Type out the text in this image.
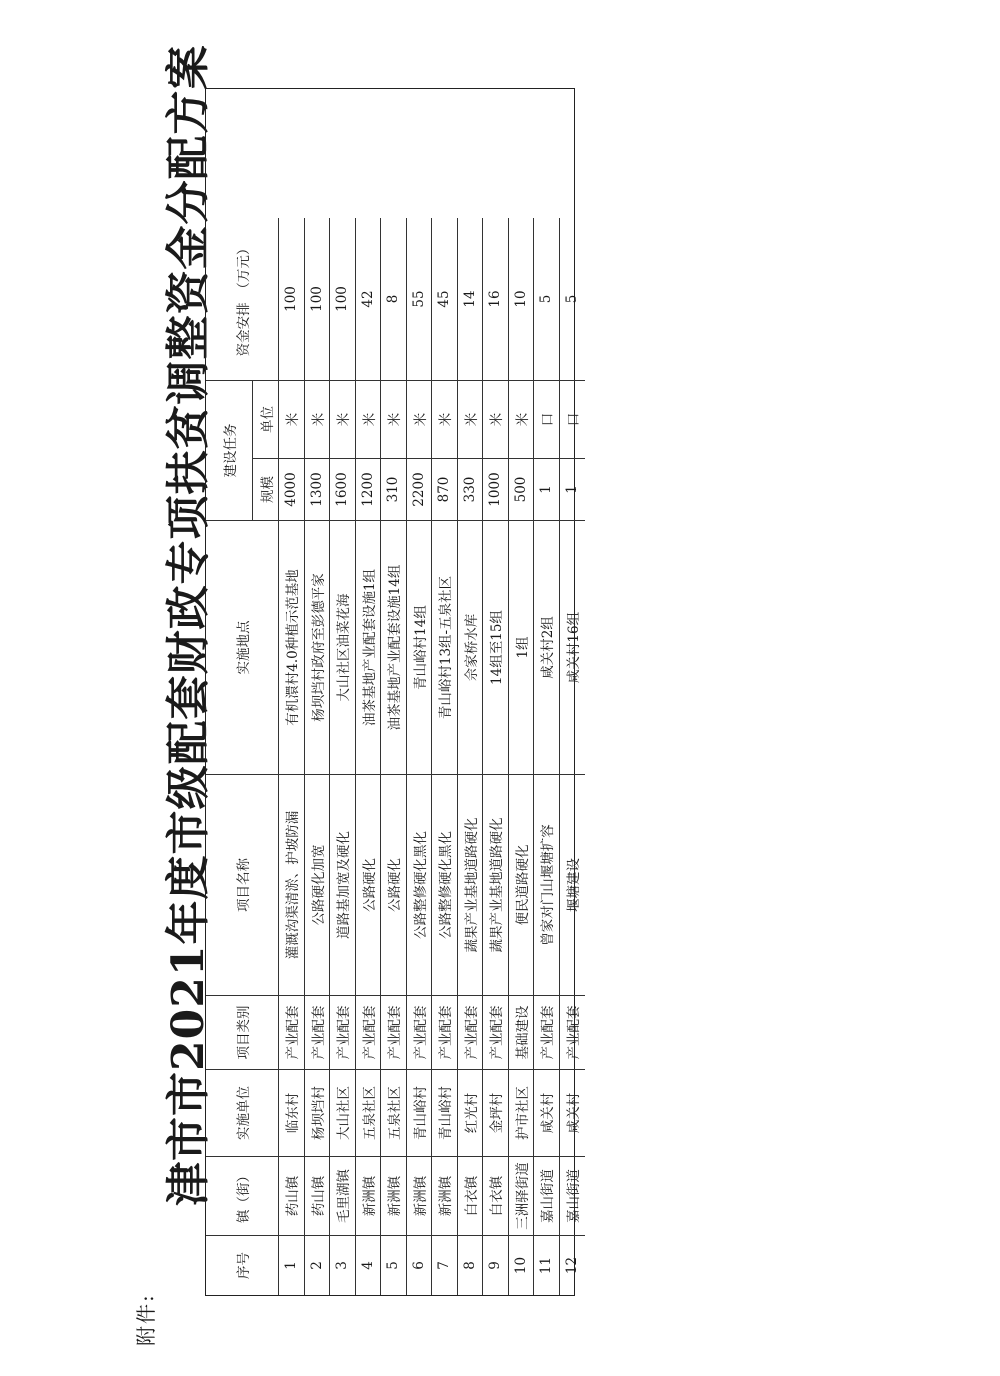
附件:
津市市2021年度市级配套财政专项扶贫调整资金分配方案
序号
镇（街）
实施单位
项目类别
项目名称
实施地点
建设任务
资金安排　（万元）
规模
单位
1
药山镇
临东村
产业配套
灌溉沟渠清淤、护坡防漏
有机澴村4.0种植示范基地
4000
米
100
2
药山镇
杨坝垱村
产业配套
公路硬化加宽
杨坝垱村政府至彭德平家
1300
米
100
3
毛里湖镇
大山社区
产业配套
道路基加宽及硬化
大山社区油菜花海
1600
米
100
4
新洲镇
五泉社区
产业配套
公路硬化
油茶基地产业配套设施1组
1200
米
42
5
新洲镇
五泉社区
产业配套
公路硬化
油茶基地产业配套设施14组
310
米
8
6
新洲镇
青山峪村
产业配套
公路整修硬化黑化
青山峪村14组
2200
米
55
7
新洲镇
青山峪村
产业配套
公路整修硬化黑化
青山峪村13组-五泉社区
870
米
45
8
白衣镇
红光村
产业配套
蔬果产业基地道路硬化
佘家桥水库
330
米
14
9
白衣镇
金坪村
产业配套
蔬果产业基地道路硬化
14组至15组
1000
米
16
10
三洲驿街道
护市社区
基础建设
便民道路硬化
1组
500
米
10
11
嘉山街道
咸关村
产业配套
曾家对门山堰塘扩容
咸关村2组
1
口
5
12
嘉山街道
咸关村
产业配套
堰塘建设
咸关村16组
1
口
5
